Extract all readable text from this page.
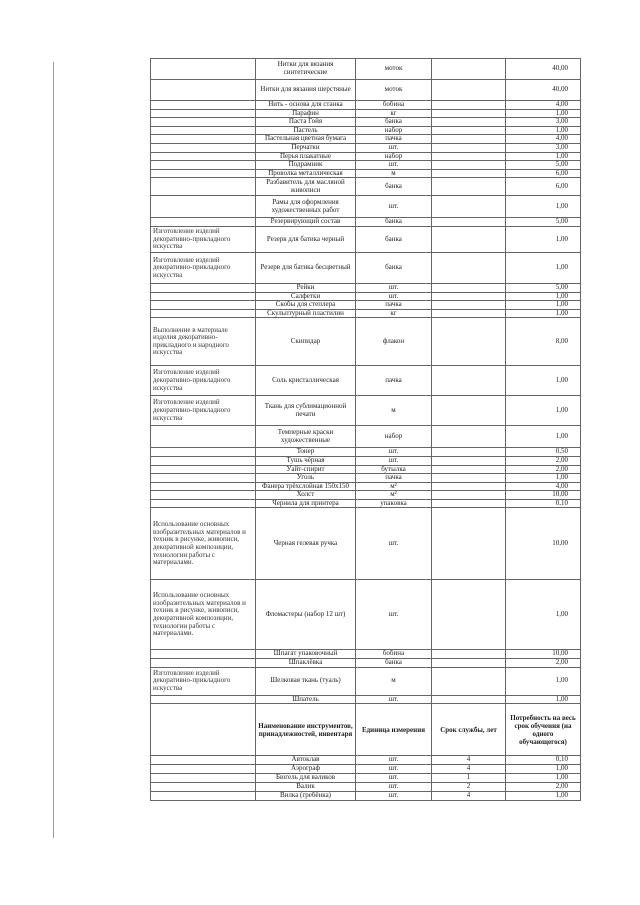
	Нитки для вязания синтетические	моток		40,00
	Нитки для вязания шерстяные	моток		40,00
	Нить - основа для станка	бобина		4,00
	Парафин	кг		1,00
	Паста Гойя	банка		3,00
	Пастель	набор		1,00
	Пастельная цветная бумага	пачка		4,00
	Перчатки	шт.		3,00
	Перья плакатные	набор		1,00
	Подрамник	шт.		5,00
	Проволка металлическая	м		6,00
	Разбавитель для масляной живописи	банка		6,00
	Рамы для оформления художественных работ	шт.		1,00
	Резервирующий состав	банка		5,00
Изготовление изделий декоративно-прикладного искусства	Резерв для батика черный	банка		1,00
Изготовление изделий декоративно-прикладного искусства	Резерв для батика бесцветный	банка		1,00
	Рейки	шт.		5,00
	Салфетки	шт.		1,00
	Скобы для степлера	пачка		1,00
	Скульптурный пластилин	кг		1,00
Выполнение в материале изделия декоративно-прикладного и народного искусства	Скипидар	флакон		8,00
Изготовление изделий декоративно-прикладного искусства	Соль кристаллическая	пачка		1,00
Изготовление изделий декоративно-прикладного искусства	Ткань для сублимационной печати	м		1,00
	Темперные краски художественные	набор		1,00
	Тонер	шт.		0,50
	Тушь чёрная	шт.		2,00
	Уайт-спирит	бутылка		2,00
	Уголь	пачка		1,00
	Фанера трёхслойная 150х150	м²		4,00
	Холст	м²		10,00
	Чернила для принтера	упаковка		0,10
Использование основных изобразительных материалов и техник в рисунке, живописи, декоративной композиции, технологии работы с материалами.	Черная гелевая ручка	шт.		10,00
Использование основных изобразительных материалов и техник в рисунке, живописи, декоративной композиции, технологии работы с материалами.	Фломастеры (набор 12 шт)	шт.		1,00
	Шпагат упаковочный	бобина		10,00
	Шпаклёвка	банка		2,00
Изготовление изделий декоративно-прикладного искусства	Шелковая ткань (туаль)	м		1,00
	Шпатель	шт.		1,00
	Наименование инструментов, принадлежностей, инвентаря	Единица измерения	Срок службы, лет	Потребность на весь срок обучения (на одного обучающегося)
	Автоклав	шт.	4	0,10
	Аэрограф	шт.	4	1,00
	Бюгель для валиков	шт.	1	1,00
	Валик	шт.	2	2,00
	Вилка (гребёнка)	шт.	4	1,00
